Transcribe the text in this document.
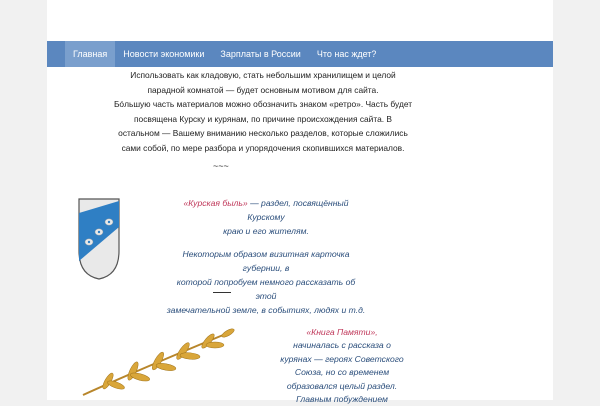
Главная	Новости экономики	Зарплаты в России	Что нас ждет?

Использовать как кладовую, стать небольшим хранилищем и целой

парадной комнатой — будет основным мотивом для сайта.

Бóльшую часть материалов можно обозначить знаком «ретро». Часть будет

посвящена Курску и курянам, по причине происхождения сайта. В

остальном — Вашему вниманию несколько разделов, которые сложились

сами собой, по мере разбора и упорядочения скопившихся материалов.

~~~

«Курская быль» — раздел, посвящённый Курскому

краю и его жителям.

Некоторым образом визитная карточка губернии, в

которой попробуем немного рассказать об этой

замечательной земле, в событиях, людях и т.д.

«Книга Памяти»,

начиналась с рассказа о

курянах — героях Советского

Союза, но со временем

образовался целый раздел.

Главным побуждением
